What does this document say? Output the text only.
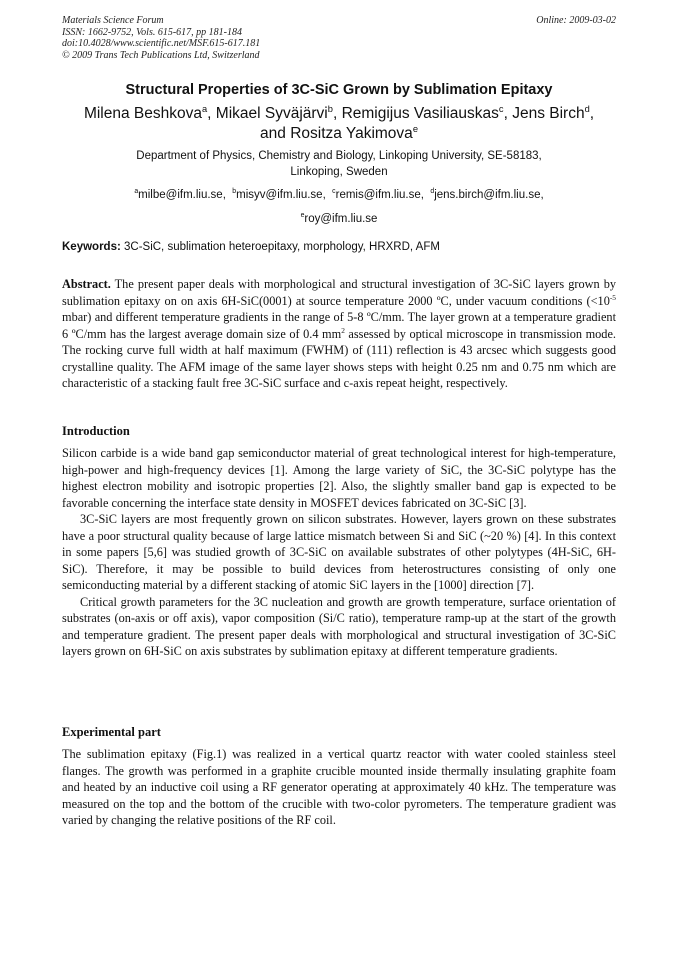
Materials Science Forum
ISSN: 1662-9752, Vols. 615-617, pp 181-184
doi:10.4028/www.scientific.net/MSF.615-617.181
© 2009 Trans Tech Publications Ltd, Switzerland
Online: 2009-03-02
Structural Properties of 3C-SiC Grown by Sublimation Epitaxy
Milena Beshkova$^a$, Mikael Syväjärvi$^b$, Remigijus Vasiliauskas$^c$, Jens Birch$^d$,
and Rositza Yakimova$^e$
Department of Physics, Chemistry and Biology, Linkoping University, SE-58183,
Linkoping, Sweden
$^a$milbe@ifm.liu.se, $^b$misyv@ifm.liu.se, $^c$remis@ifm.liu.se, $^d$jens.birch@ifm.liu.se,
$^e$roy@ifm.liu.se
Keywords: 3C-SiC, sublimation heteroepitaxy, morphology, HRXRD, AFM

Abstract. The present paper deals with morphological and structural investigation of 3C-SiC layers grown by sublimation epitaxy on on axis 6H-SiC(0001) at source temperature 2000 ºC, under vacuum conditions ($<10^{-5}$ mbar) and different temperature gradients in the range of 5-8 ºC/mm. The layer grown at a temperature gradient 6 ºC/mm has the largest average domain size of 0.4 $mm^2$ assessed by optical microscope in transmission mode. The rocking curve full width at half maximum (FWHM) of (111) reflection is 43 arcsec which suggests good crystalline quality. The AFM image of the same layer shows steps with height 0.25 nm and 0.75 nm which are characteristic of a stacking fault free 3C-SiC surface and c-axis repeat height, respectively.

Introduction

Silicon carbide is a wide band gap semiconductor material of great technological interest for high-temperature, high-power and high-frequency devices [1]. Among the large variety of SiC, the 3C-SiC polytype has the highest electron mobility and isotropic properties [2]. Also, the slightly smaller band gap is expected to be favorable concerning the interface state density in MOSFET devices fabricated on 3C-SiC [3].

3C-SiC layers are most frequently grown on silicon substrates. However, layers grown on these substrates have a poor structural quality because of large lattice mismatch between Si and SiC (~20 %) [4]. In this context in some papers [5,6] was studied growth of 3C-SiC on available substrates of other polytypes (4H-SiC, 6H-SiC). Therefore, it may be possible to build devices from heterostructures consisting of only one semiconducting material by a different stacking of atomic SiC layers in the [1000] direction [7].

Critical growth parameters for the 3C nucleation and growth are growth temperature, surface orientation of substrates (on-axis or off axis), vapor composition (Si/C ratio), temperature ramp-up at the start of the growth and temperature gradient. The present paper deals with morphological and structural investigation of 3C-SiC layers grown on 6H-SiC on axis substrates by sublimation epitaxy at different temperature gradients.

Experimental part

The sublimation epitaxy (Fig.1) was realized in a vertical quartz reactor with water cooled stainless steel flanges. The growth was performed in a graphite crucible mounted inside thermally insulating graphite foam and heated by an inductive coil using a RF generator operating at approximately 40 kHz. The temperature was measured on the top and the bottom of the crucible with two-color pyrometers. The temperature gradient was varied by changing the relative positions of the RF coil.
